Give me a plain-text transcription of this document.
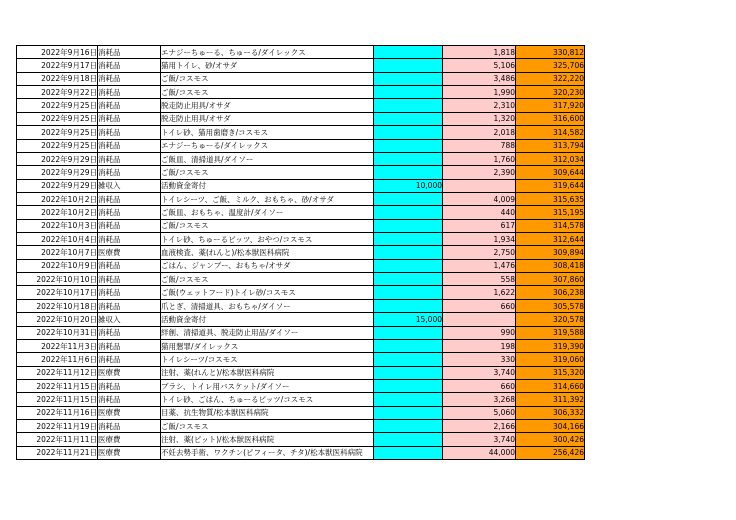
2022年9月16日	消耗品	エナジーちゅーる、ちゅーる/ダイレックス		1,818	330,812
2022年9月17日	消耗品	猫用トイレ、砂/オサダ		5,106	325,706
2022年9月18日	消耗品	ご飯/コスモス		3,486	322,220
2022年9月22日	消耗品	ご飯/コスモス		1,990	320,230
2022年9月25日	消耗品	脱走防止用具/オサダ		2,310	317,920
2022年9月25日	消耗品	脱走防止用具/オサダ		1,320	316,600
2022年9月25日	消耗品	トイレ砂、猫用歯磨き/コスモス		2,018	314,582
2022年9月25日	消耗品	エナジーちゅーる/ダイレックス		788	313,794
2022年9月29日	消耗品	ご飯皿、清掃道具/ダイソー		1,760	312,034
2022年9月29日	消耗品	ご飯/コスモス		2,390	309,644
2022年9月29日	雑収入	活動資金寄付	10,000		319,644
2022年10月2日	消耗品	トイレシーツ、ご飯、ミルク、おもちゃ、砂/オサダ		4,009	315,635
2022年10月2日	消耗品	ご飯皿、おもちゃ、温度計/ダイソー		440	315,195
2022年10月3日	消耗品	ご飯/コスモス		617	314,578
2022年10月4日	消耗品	トイレ砂、ちゅーるビッツ、おやつ/コスモス		1,934	312,644
2022年10月7日	医療費	血液検査、薬(れんと)/松本獣医科病院		2,750	309,894
2022年10月9日	消耗品	ごはん、ジャンブー、おもちゃ/オサダ		1,476	308,418
2022年10月10日	消耗品	ご飯/コスモス		558	307,860
2022年10月17日	消耗品	ご飯(ウェットフード)トイレ砂/コスモス		1,622	306,238
2022年10月18日	消耗品	爪とぎ、清掃道具、おもちゃ/ダイソー		660	305,578
2022年10月20日	雑収入	活動資金寄付	15,000		320,578
2022年10月31日	消耗品	絆創、清掃道具、脱走防止用品/ダイソー		990	319,588
2022年11月3日	消耗品	猫用懇罪/ダイレックス		198	319,390
2022年11月6日	消耗品	トイレシーツ/コスモス		330	319,060
2022年11月12日	医療費	注射、薬(れんと)/松本獣医科病院		3,740	315,320
2022年11月15日	消耗品	ブラシ、トイレ用バスケット/ダイソー		660	314,660
2022年11月15日	消耗品	トイレ砂、ごはん、ちゅーるビッツ/コスモス		3,268	311,392
2022年11月16日	医療費	目薬、抗生物質/松本獣医科病院		5,060	306,332
2022年11月19日	消耗品	ご飯/コスモス		2,166	304,166
2022年11月11日	医療費	注射、薬(ピット)/松本獣医科病院		3,740	300,426
2022年11月21日	医療費	不妊去勢手術、ワクチン(ピフィータ、チタ)/松本獣医科病院		44,000	256,426
